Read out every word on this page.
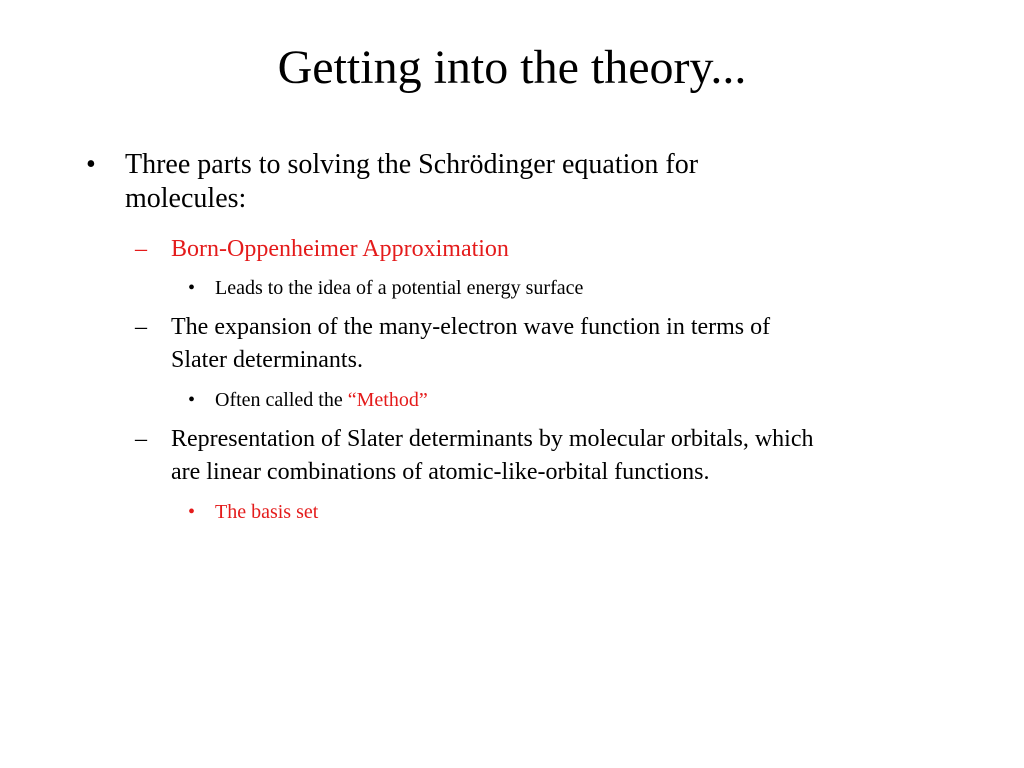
Getting into the theory...
• Three parts to solving the Schrödinger equation for
molecules:
– Born-Oppenheimer Approximation
• Leads to the idea of a potential energy surface
– The expansion of the many-electron wave function in terms of
Slater determinants.
• Often called the “Method”
– Representation of Slater determinants by molecular orbitals, which
are linear combinations of atomic-like-orbital functions.
• The basis set
